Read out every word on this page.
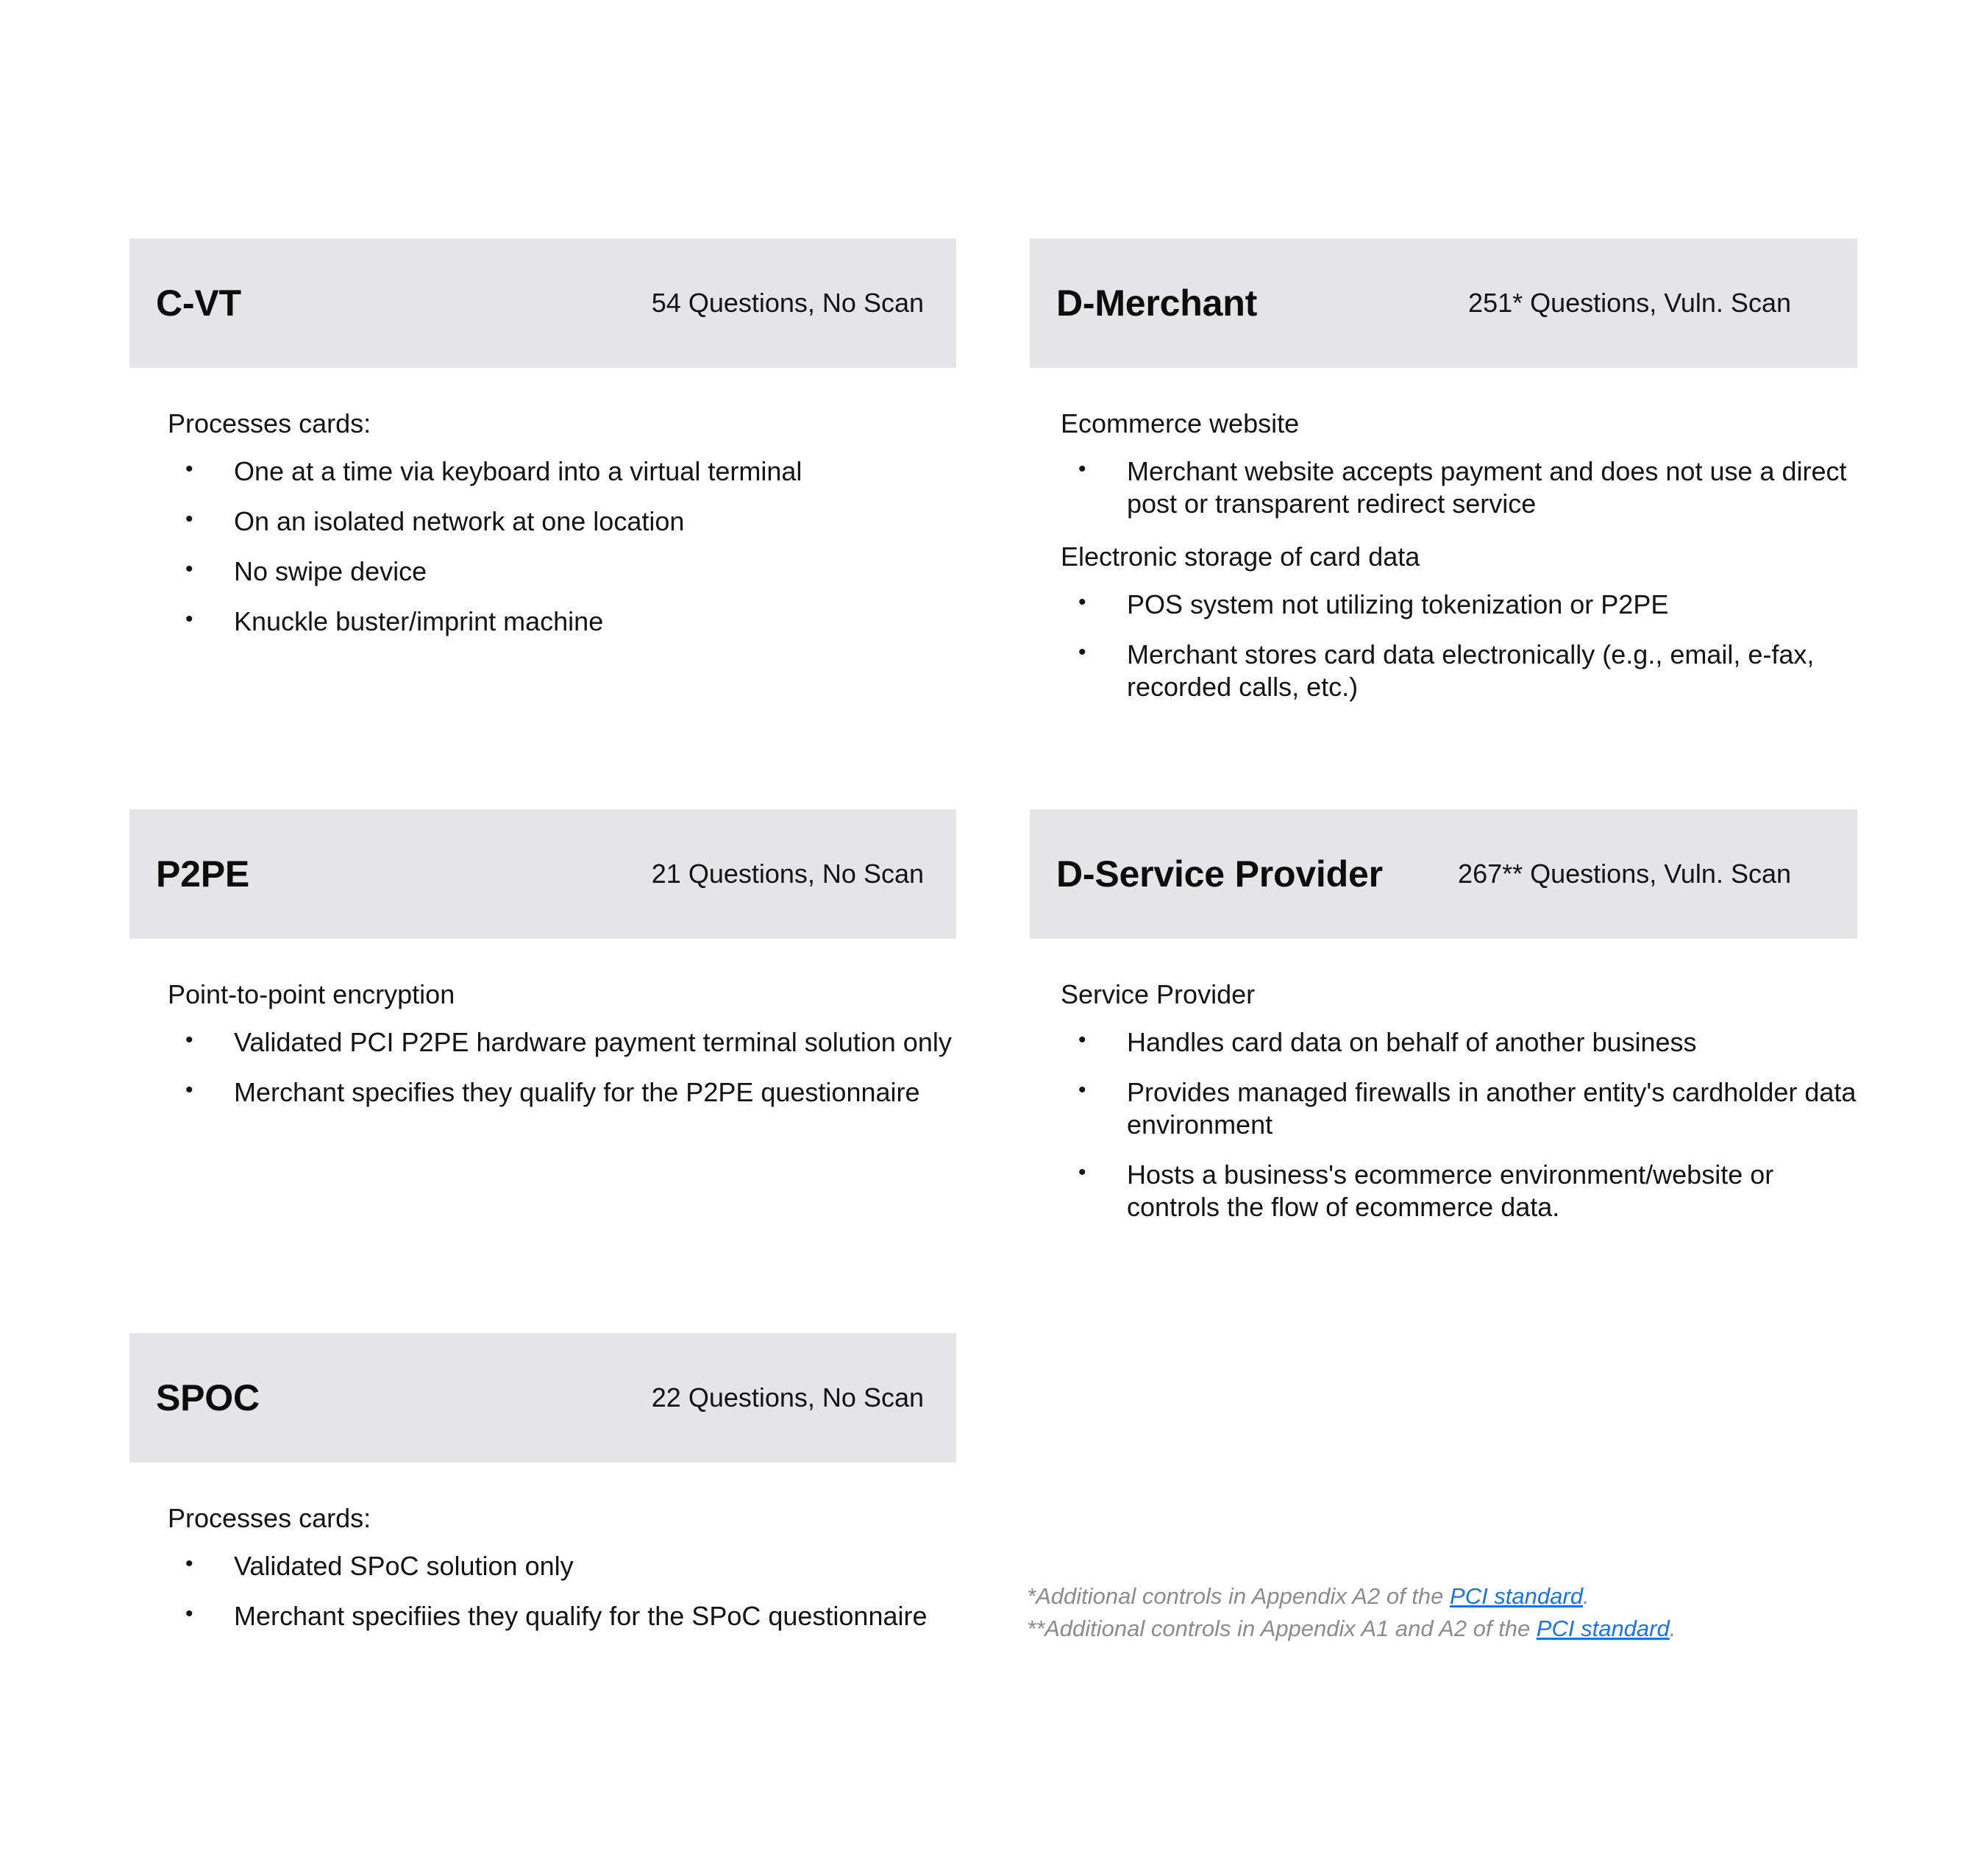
C-VT	54 Questions, No Scan
Processes cards:
• One at a time via keyboard into a virtual terminal
• On an isolated network at one location
• No swipe device
• Knuckle buster/imprint machine
D-Merchant	251* Questions, Vuln. Scan
Ecommerce website
• Merchant website accepts payment and does not use a direct post or transparent redirect service
Electronic storage of card data
• POS system not utilizing tokenization or P2PE
• Merchant stores card data electronically (e.g., email, e-fax, recorded calls, etc.)
P2PE	21 Questions, No Scan
Point-to-point encryption
• Validated PCI P2PE hardware payment terminal solution only
• Merchant specifies they qualify for the P2PE questionnaire
D-Service Provider	267** Questions, Vuln. Scan
Service Provider
• Handles card data on behalf of another business
• Provides managed firewalls in another entity's cardholder data environment
• Hosts a business's ecommerce environment/website or controls the flow of ecommerce data.
SPOC	22 Questions, No Scan
Processes cards:
• Validated SPoC solution only
• Merchant specifiies they qualify for the SPoC questionnaire

*Additional controls in Appendix A2 of the PCI standard.

**Additional controls in Appendix A1 and A2 of the PCI standard.
